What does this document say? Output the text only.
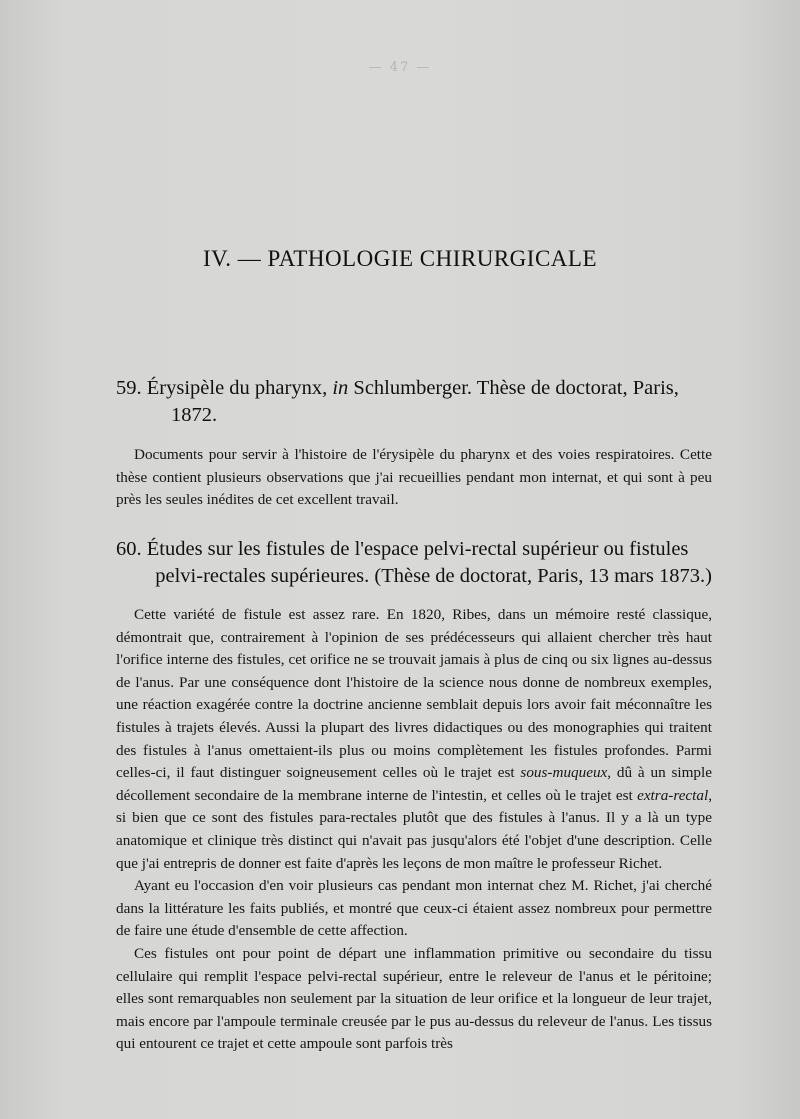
— 47 —
IV. — PATHOLOGIE CHIRURGICALE
59. Érysipèle du pharynx, in Schlumberger. Thèse de doctorat, Paris,
1872.

Documents pour servir à l'histoire de l'érysipèle du pharynx et des voies respiratoires. Cette thèse contient plusieurs observations que j'ai recueillies pendant mon internat, et qui sont à peu près les seules inédites de cet excellent travail.

60. Études sur les fistules de l'espace pelvi-rectal supérieur ou fistules
pelvi-rectales supérieures. (Thèse de doctorat, Paris, 13 mars 1873.)

Cette variété de fistule est assez rare. En 1820, Ribes, dans un mémoire resté classique, démontrait que, contrairement à l'opinion de ses prédécesseurs qui allaient chercher très haut l'orifice interne des fistules, cet orifice ne se trouvait jamais à plus de cinq ou six lignes au-dessus de l'anus. Par une conséquence dont l'histoire de la science nous donne de nombreux exemples, une réaction exagérée contre la doctrine ancienne semblait depuis lors avoir fait méconnaître les fistules à trajets élevés. Aussi la plupart des livres didactiques ou des monographies qui traitent des fistules à l'anus omettaient-ils plus ou moins complètement les fistules profondes. Parmi celles-ci, il faut distinguer soigneusement celles où le trajet est sous-muqueux, dû à un simple décollement secondaire de la membrane interne de l'intestin, et celles où le trajet est extra-rectal, si bien que ce sont des fistules para-rectales plutôt que des fistules à l'anus. Il y a là un type anatomique et clinique très distinct qui n'avait pas jusqu'alors été l'objet d'une description. Celle que j'ai entrepris de donner est faite d'après les leçons de mon maître le professeur Richet.

Ayant eu l'occasion d'en voir plusieurs cas pendant mon internat chez M. Richet, j'ai cherché dans la littérature les faits publiés, et montré que ceux-ci étaient assez nombreux pour permettre de faire une étude d'ensemble de cette affection.

Ces fistules ont pour point de départ une inflammation primitive ou secondaire du tissu cellulaire qui remplit l'espace pelvi-rectal supérieur, entre le releveur de l'anus et le péritoine; elles sont remarquables non seulement par la situation de leur orifice et la longueur de leur trajet, mais encore par l'ampoule terminale creusée par le pus au-dessus du releveur de l'anus. Les tissus qui entourent ce trajet et cette ampoule sont parfois très
